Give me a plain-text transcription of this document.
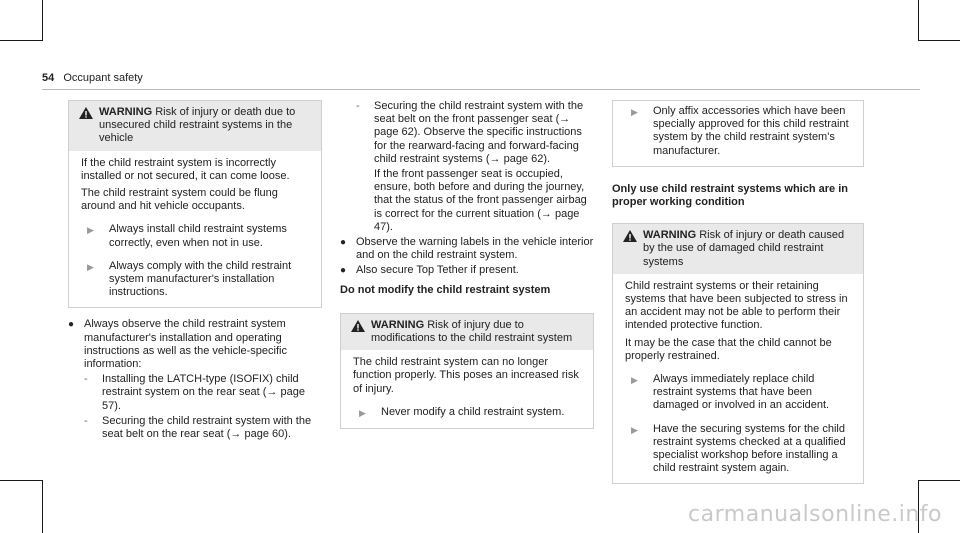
54 Occupant safety
WARNING Risk of injury or death due to unsecured child restraint systems in the vehicle

If the child restraint system is incorrectly installed or not secured, it can come loose.

The child restraint system could be flung around and hit vehicle occupants.

▶	Always install child restraint systems correctly, even when not in use.
▶	Always comply with the child restraint system manufacturer's installation instructions.
● Always observe the child restraint system manufacturer's installation and operating instructions as well as the vehicle-specific information:
-	Installing the LATCH-type (ISOFIX) child restraint system on the rear seat (→ page 57).
-	Securing the child restraint system with the seat belt on the rear seat (→ page 60).
-	Securing the child restraint system with the seat belt on the front passenger seat (→ page 62). Observe the specific instructions for the rearward-facing and forward-facing child restraint systems (→ page 62).
If the front passenger seat is occupied, ensure, both before and during the journey, that the status of the front passenger airbag is correct for the current situation (→ page 47).
● Observe the warning labels in the vehicle interior and on the child restraint system.
● Also secure Top Tether if present.
Do not modify the child restraint system
WARNING Risk of injury due to modifications to the child restraint system

The child restraint system can no longer function properly. This poses an increased risk of injury.

▶	Never modify a child restraint system.
▶	Only affix accessories which have been specially approved for this child restraint system by the child restraint system's manufacturer.
Only use child restraint systems which are in proper working condition
WARNING Risk of injury or death caused by the use of damaged child restraint systems

Child restraint systems or their retaining systems that have been subjected to stress in an accident may not be able to perform their intended protective function.

It may be the case that the child cannot be properly restrained.

▶	Always immediately replace child restraint systems that have been damaged or involved in an accident.
▶	Have the securing systems for the child restraint systems checked at a qualified specialist workshop before installing a child restraint system again.
carmanualsonline.info
